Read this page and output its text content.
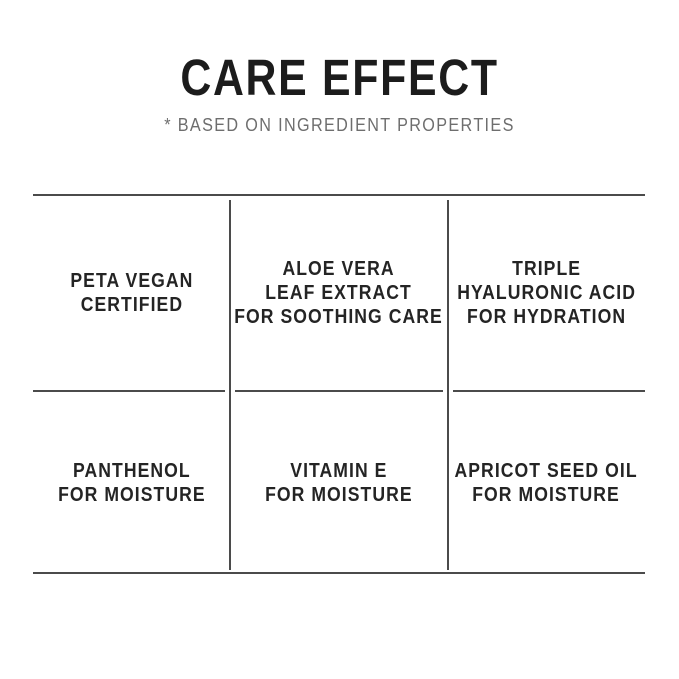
CARE EFFECT
* BASED ON INGREDIENT PROPERTIES
PETA VEGAN
CERTIFIED
ALOE VERA
LEAF EXTRACT
FOR SOOTHING CARE
TRIPLE
HYALURONIC ACID
FOR HYDRATION
PANTHENOL
FOR MOISTURE
VITAMIN E
FOR MOISTURE
APRICOT SEED OIL
FOR MOISTURE
